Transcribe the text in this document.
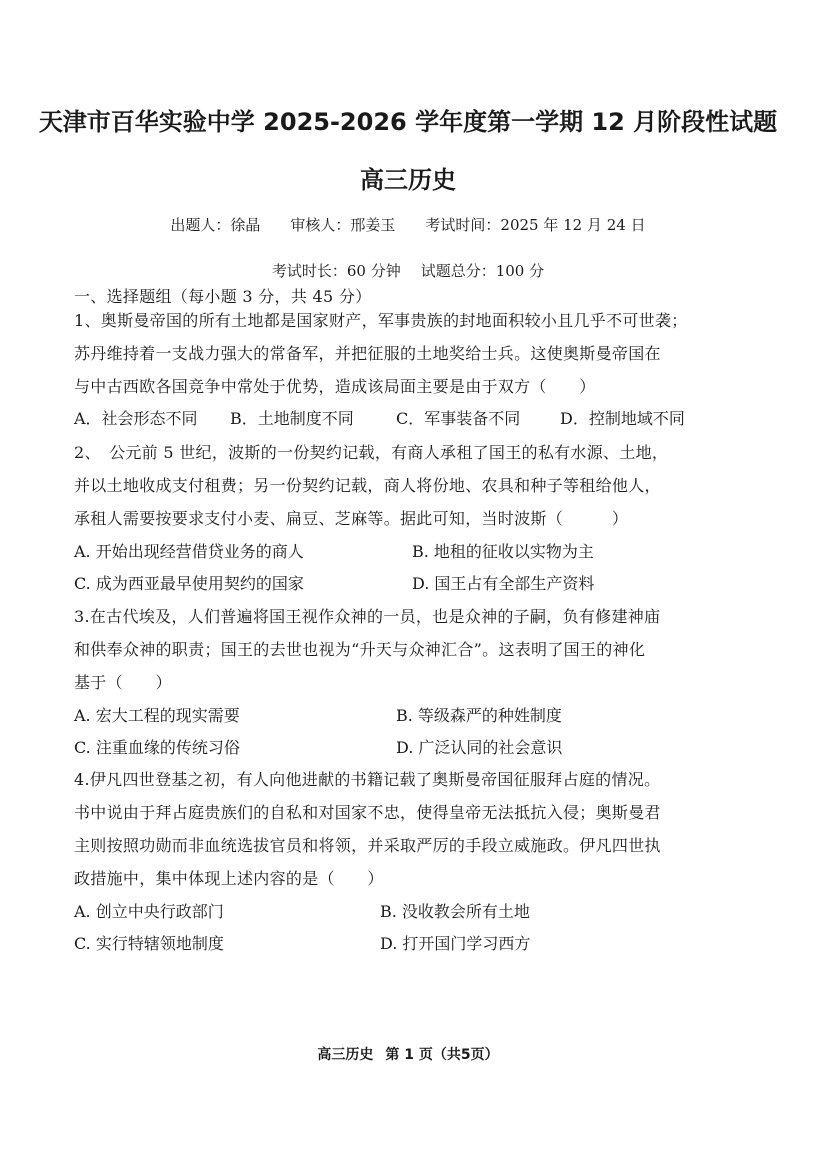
天津市百华实验中学 2025-2026 学年度第一学期 12 月阶段性试题
高三历史
出题人：徐晶 审核人：邢姜玉 考试时间：2025 年 12 月 24 日
考试时长：60 分钟 试题总分：100 分
一、选择题组（每小题 3 分，共 45 分）
1、奥斯曼帝国的所有土地都是国家财产，军事贵族的封地面积较小且几乎不可世袭；
苏丹维持着一支战力强大的常备军，并把征服的土地奖给士兵。这使奥斯曼帝国在
与中古西欧各国竞争中常处于优势，造成该局面主要是由于双方（　　）
A．社会形态不同 B．土地制度不同	C．军事装备不同 D．控制地域不同
2、　公元前 5 世纪，波斯的一份契约记载，有商人承租了国王的私有水源、土地，
并以土地收成支付租费；另一份契约记载，商人将份地、农具和种子等租给他人，
承租人需要按要求支付小麦、扁豆、芝麻等。据此可知，当时波斯（　　　）
A. 开始出现经营借贷业务的商人	B. 地租的征收以实物为主
C. 成为西亚最早使用契约的国家	D. 国王占有全部生产资料
3.在古代埃及，人们普遍将国王视作众神的一员，也是众神的子嗣，负有修建神庙
和供奉众神的职责；国王的去世也视为“升天与众神汇合”。这表明了国王的神化
基于（　　）
A. 宏大工程的现实需要	B. 等级森严的种姓制度
C. 注重血缘的传统习俗	D. 广泛认同的社会意识
4.伊凡四世登基之初，有人向他进献的书籍记载了奥斯曼帝国征服拜占庭的情况。
书中说由于拜占庭贵族们的自私和对国家不忠，使得皇帝无法抵抗入侵；奥斯曼君
主则按照功勋而非血统选拔官员和将领，并采取严厉的手段立威施政。伊凡四世执
政措施中，集中体现上述内容的是（　　）
A. 创立中央行政部门	B. 没收教会所有土地
C. 实行特辖领地制度	D. 打开国门学习西方
高三历史 第 1 页（共5页）
